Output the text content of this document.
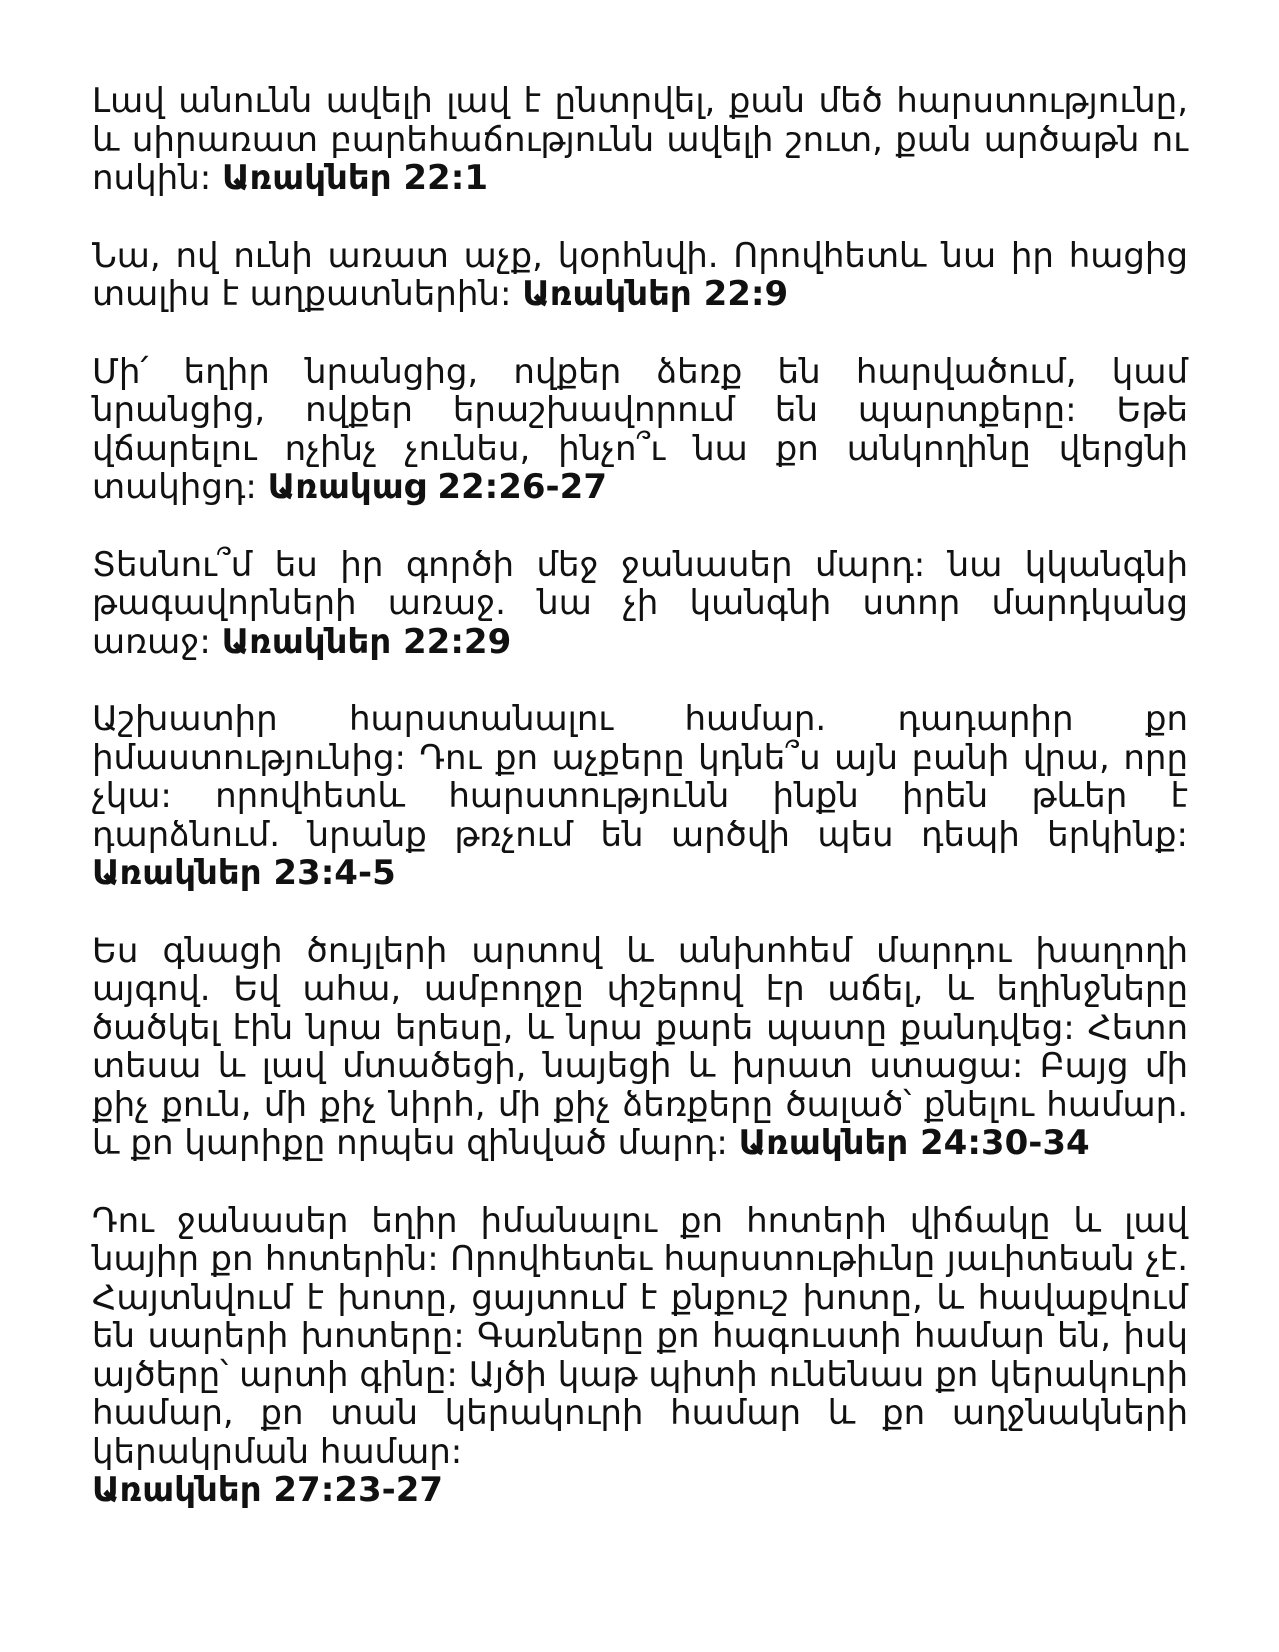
Լավ անունն ավելի լավ է ընտրվել, քան մեծ հարստությունը, և սիրառատ բարեհաճությունն ավելի շուտ, քան արծաթն ու ոսկին: Առակներ 22:1

Նա, ով ունի առատ աչք, կօրհնվի. Որովհետև նա իր հացից տալիս է աղքատներին: Առակներ 22:9

Մի՛ եղիր նրանցից, ովքեր ձեռք են հարվածում, կամ նրանցից, ովքեր երաշխավորում են պարտքերը: Եթե վճարելու ոչինչ չունես, ինչո՞ւ նա քո անկողինը վերցնի տակիցդ: Առակաց 22:26-27

Տեսնու՞մ ես իր գործի մեջ ջանասեր մարդ: նա կկանգնի թագավորների առաջ. նա չի կանգնի ստոր մարդկանց առաջ: Առակներ 22:29

Աշխատիր հարստանալու համար. դադարիր քո իմաստությունից: Դու քո աչքերը կդնե՞ս այն բանի վրա, որը չկա: որովհետև հարստությունն ինքն իրեն թևեր է դարձնում. նրանք թռչում են արծվի պես դեպի երկինք: Առակներ 23:4-5

Ես գնացի ծույլերի արտով և անխոհեմ մարդու խաղողի այգով. Եվ ահա, ամբողջը փշերով էր աճել, և եղինջները ծածկել էին նրա երեսը, և նրա քարե պատը քանդվեց: Հետո տեսա և լավ մտածեցի, նայեցի և խրատ ստացա: Բայց մի քիչ քուն, մի քիչ նիրհ, մի քիչ ձեռքերը ծալած՝ քնելու համար. և քո կարիքը որպես զինված մարդ: Առակներ 24:30-34

Դու ջանասեր եղիր իմանալու քո հոտերի վիճակը և լավ նայիր քո հոտերին: Որովհետեւ հարստութիւնը յաւիտեան չէ. Հայտնվում է խոտը, ցայտում է քնքուշ խոտը, և հավաքվում են սարերի խոտերը: Գառները քո հագուստի համար են, իսկ այծերը՝ արտի գինը: Այծի կաթ պիտի ունենաս քո կերակուրի համար, քո տան կերակուրի համար և քո աղջնակների կերակրման համար:
Առակներ 27:23-27
